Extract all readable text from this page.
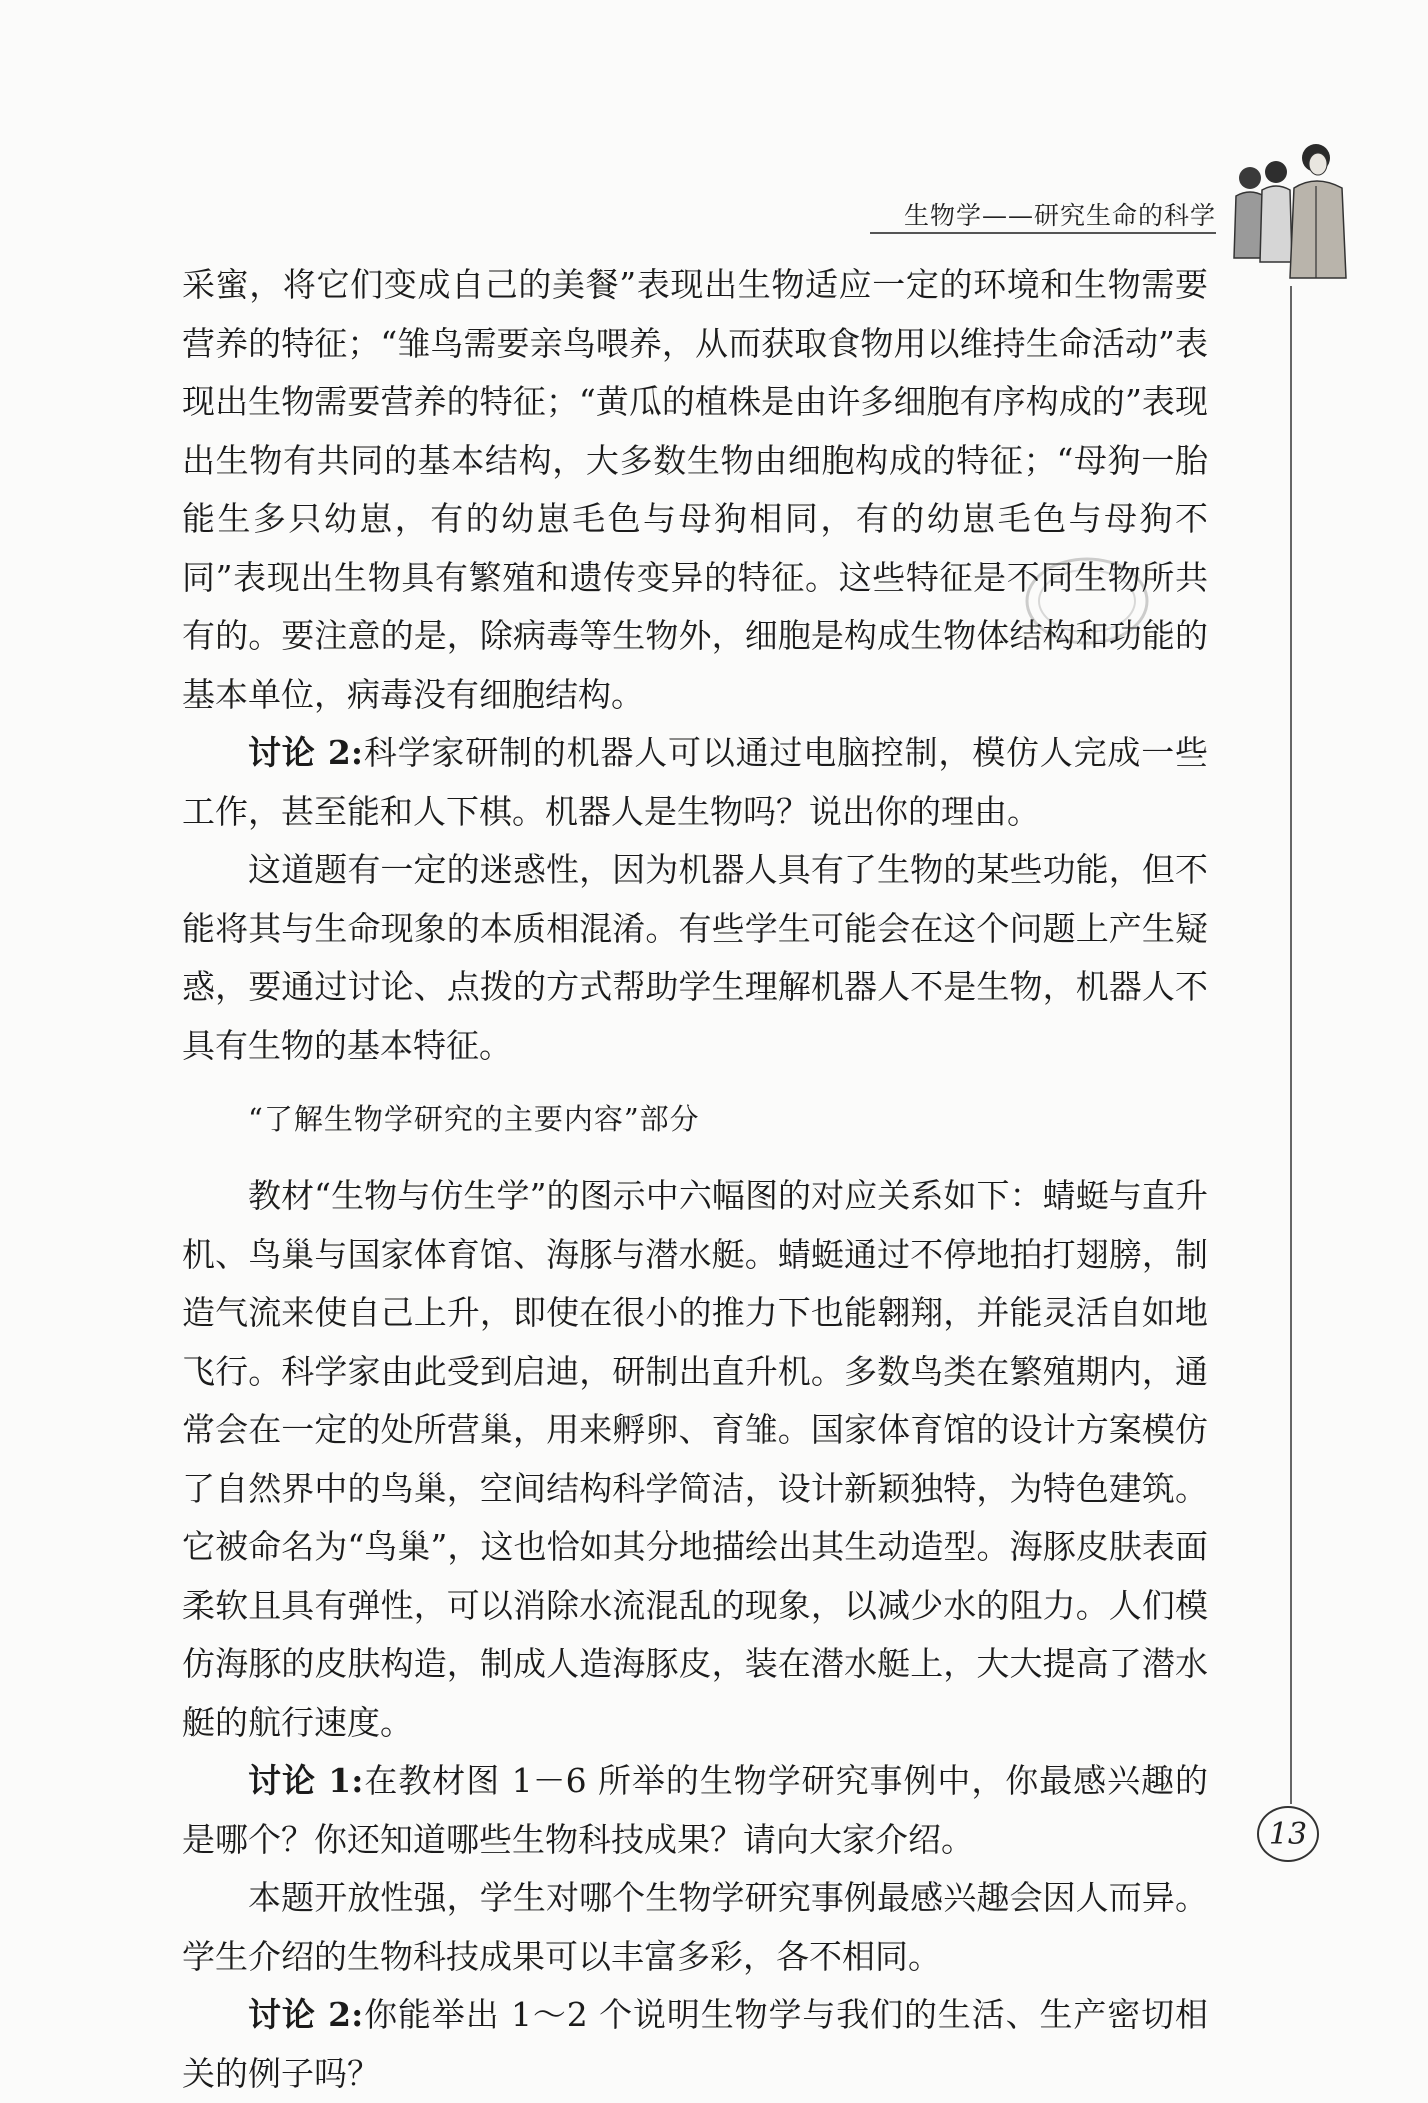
生物学——研究生命的科学

采蜜，将它们变成自己的美餐”表现出生物适应一定的环境和生物需要营养的特征；“雏鸟需要亲鸟喂养，从而获取食物用以维持生命活动”表现出生物需要营养的特征；“黄瓜的植株是由许多细胞有序构成的”表现出生物有共同的基本结构，大多数生物由细胞构成的特征；“母狗一胎能生多只幼崽，有的幼崽毛色与母狗相同，有的幼崽毛色与母狗不同”表现出生物具有繁殖和遗传变异的特征。这些特征是不同生物所共有的。要注意的是，除病毒等生物外，细胞是构成生物体结构和功能的基本单位，病毒没有细胞结构。

讨论 2:科学家研制的机器人可以通过电脑控制，模仿人完成一些工作，甚至能和人下棋。机器人是生物吗？说出你的理由。

这道题有一定的迷惑性，因为机器人具有了生物的某些功能，但不能将其与生命现象的本质相混淆。有些学生可能会在这个问题上产生疑惑，要通过讨论、点拨的方式帮助学生理解机器人不是生物，机器人不具有生物的基本特征。

“了解生物学研究的主要内容”部分

教材“生物与仿生学”的图示中六幅图的对应关系如下：蜻蜓与直升机、鸟巢与国家体育馆、海豚与潜水艇。蜻蜓通过不停地拍打翅膀，制造气流来使自己上升，即使在很小的推力下也能翱翔，并能灵活自如地飞行。科学家由此受到启迪，研制出直升机。多数鸟类在繁殖期内，通常会在一定的处所营巢，用来孵卵、育雏。国家体育馆的设计方案模仿了自然界中的鸟巢，空间结构科学简洁，设计新颖独特，为特色建筑。它被命名为“鸟巢”，这也恰如其分地描绘出其生动造型。海豚皮肤表面柔软且具有弹性，可以消除水流混乱的现象，以减少水的阻力。人们模仿海豚的皮肤构造，制成人造海豚皮，装在潜水艇上，大大提高了潜水艇的航行速度。

讨论 1:在教材图 1－6 所举的生物学研究事例中，你最感兴趣的是哪个？你还知道哪些生物科技成果？请向大家介绍。

本题开放性强，学生对哪个生物学研究事例最感兴趣会因人而异。学生介绍的生物科技成果可以丰富多彩，各不相同。

讨论 2:你能举出 1～2 个说明生物学与我们的生活、生产密切相关的例子吗？

13
